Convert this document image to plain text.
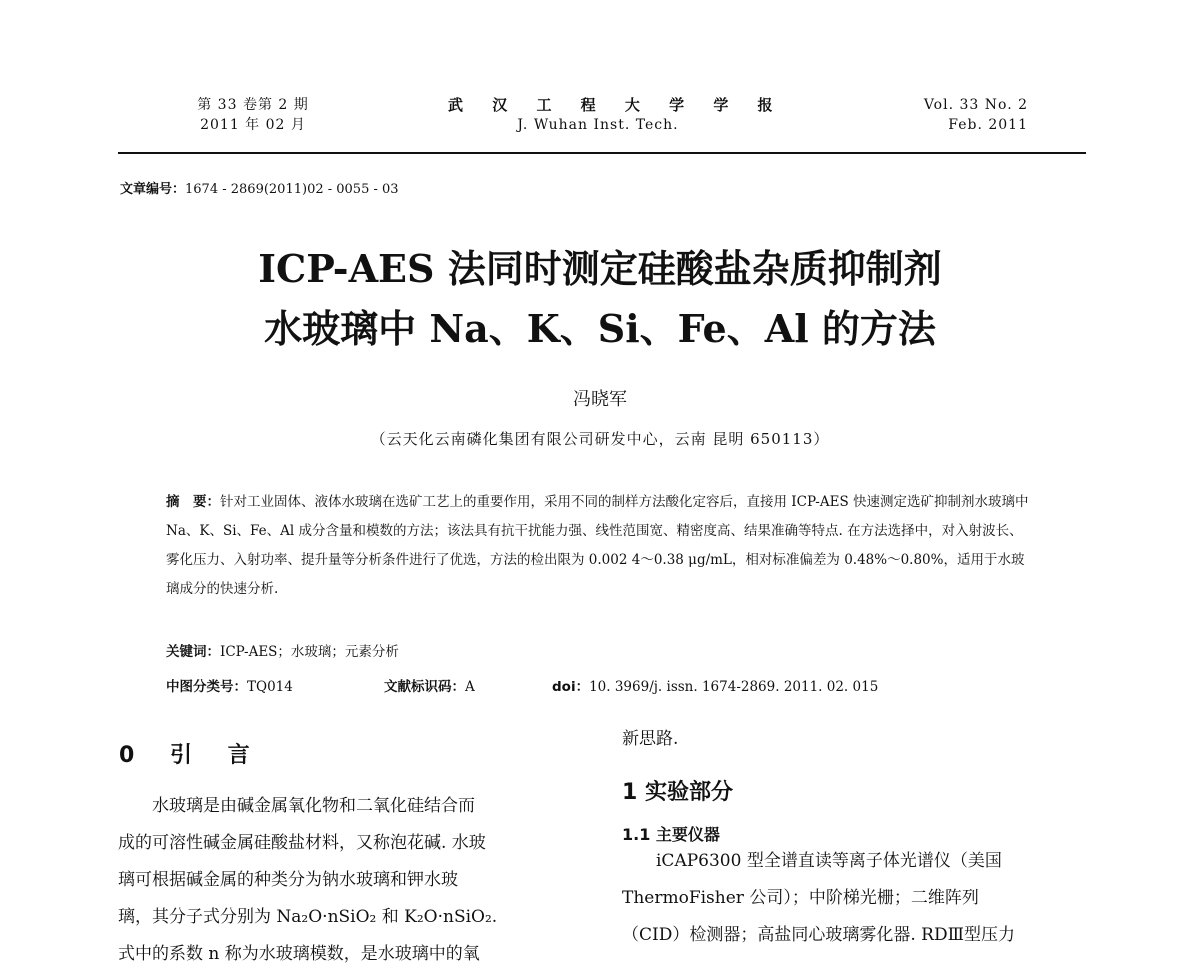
第 33 卷第 2 期
2011 年 02 月
武 汉 工 程 大 学 学 报
J. Wuhan Inst. Tech.
Vol. 33 No. 2
Feb. 2011
文章编号：1674 - 2869(2011)02 - 0055 - 03
ICP-AES 法同时测定硅酸盐杂质抑制剂
水玻璃中 Na、K、Si、Fe、Al 的方法
冯晓军
（云天化云南磷化集团有限公司研发中心，云南 昆明 650113）
摘　要：针对工业固体、液体水玻璃在选矿工艺上的重要作用，采用不同的制样方法酸化定容后，直接用 ICP-AES 快速测定选矿抑制剂水玻璃中 Na、K、Si、Fe、Al 成分含量和模数的方法；该法具有抗干扰能力强、线性范围宽、精密度高、结果准确等特点. 在方法选择中，对入射波长、雾化压力、入射功率、提升量等分析条件进行了优选，方法的检出限为 0.002 4～0.38 μg/mL，相对标准偏差为 0.48%～0.80%，适用于水玻璃成分的快速分析.
关键词：ICP-AES；水玻璃；元素分析
中图分类号：TQ014	文献标识码：A	doi：10. 3969/j. issn. 1674-2869. 2011. 02. 015
0 引 言
水玻璃是由碱金属氧化物和二氧化硅结合而
成的可溶性碱金属硅酸盐材料，又称泡花碱. 水玻
璃可根据碱金属的种类分为钠水玻璃和钾水玻
璃，其分子式分别为 Na₂O·nSiO₂ 和 K₂O·nSiO₂.
式中的系数 n 称为水玻璃模数，是水玻璃中的氧
新思路.
1 实验部分
1.1 主要仪器
iCAP6300 型全谱直读等离子体光谱仪（美国
ThermoFisher 公司）；中阶梯光栅；二维阵列
（CID）检测器；高盐同心玻璃雾化器. RDⅢ型压力
